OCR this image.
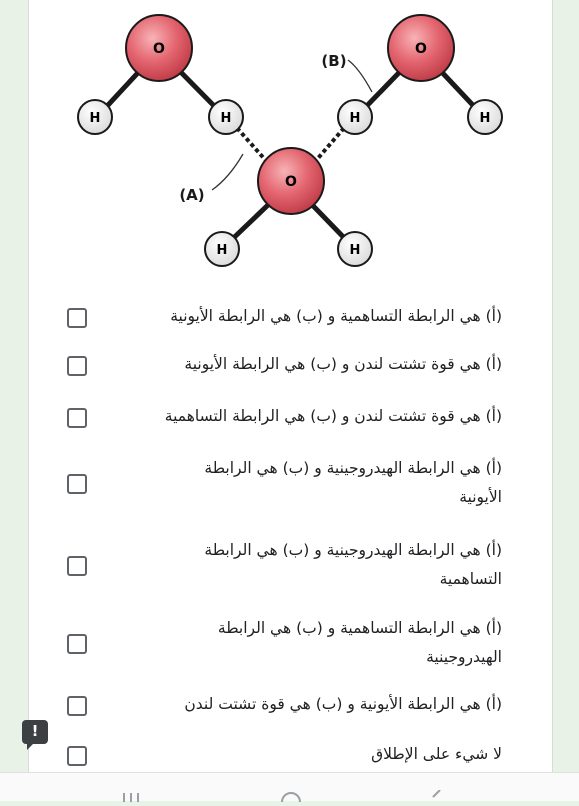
O	O
O
H	H	H	H
H	H
(A)
(B)
(أ) هي الرابطة التساهمية و (ب) هي الرابطة الأيونية
(أ) هي قوة تشتت لندن و (ب) هي الرابطة الأيونية
(أ) هي قوة تشتت لندن و (ب) هي الرابطة التساهمية
(أ) هي الرابطة الهيدروجينية و (ب) هي الرابطة الأيونية
(أ) هي الرابطة الهيدروجينية و (ب) هي الرابطة التساهمية
(أ) هي الرابطة التساهمية و (ب) هي الرابطة الهيدروجينية
(أ) هي الرابطة الأيونية و (ب) هي قوة تشتت لندن
لا شيء على الإطلاق
!
